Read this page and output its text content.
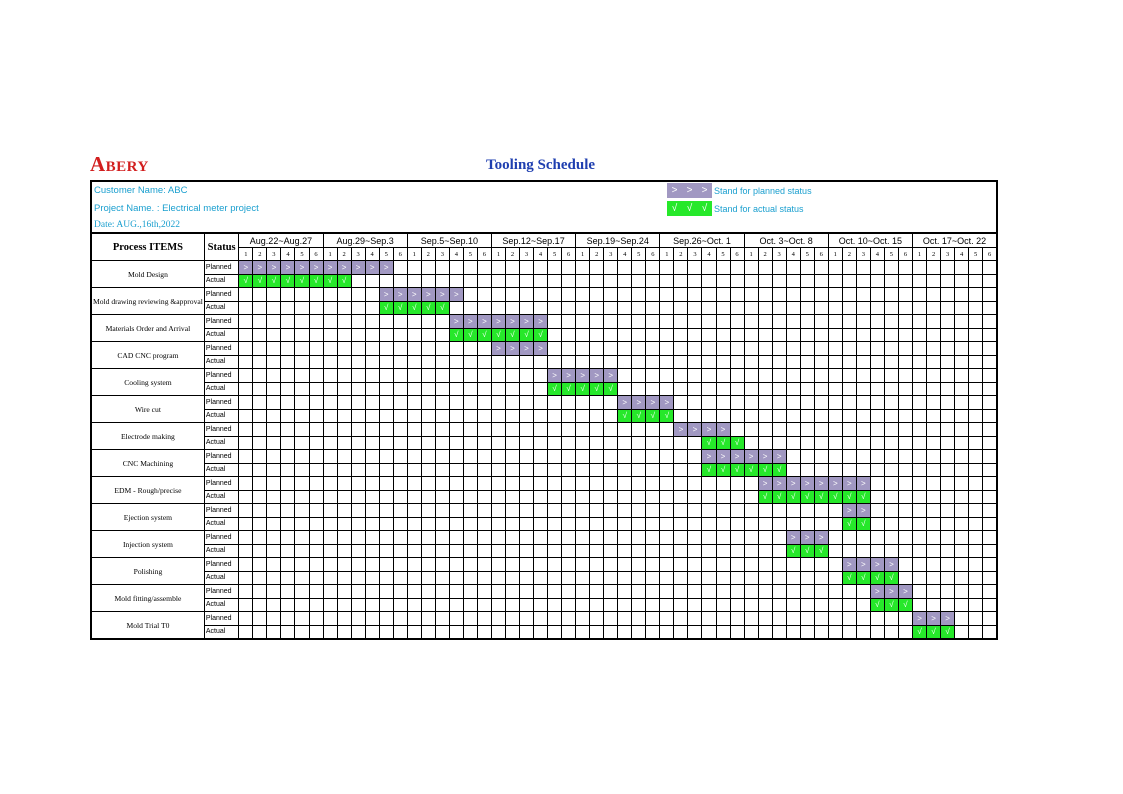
ABERY	Tooling Schedule
Customer Name: ABC
Project Name. : Electrical meter project
Date: AUG.,16th,2022
> > > Stand for planned status
√ √ √ Stand for actual status
Process ITEMS	Status	Aug.22~Aug.27						Aug.29~Sep.3						Sep.5~Sep.10						Sep.12~Sep.17						Sep.19~Sep.24						Sep.26~Oct. 1						Oct. 3~Oct. 8						Oct. 10~Oct. 15						Oct. 17~Oct. 22					
		1	2	3	4	5	6	1	2	3	4	5	6	1	2	3	4	5	6	1	2	3	4	5	6	1	2	3	4	5	6	1	2	3	4	5	6	1	2	3	4	5	6	1	2	3	4	5	6	1	2	3	4	5	6
Mold Design	Planned	>	>	>	>	>	>	>	>	>	>	>																																											
	Actual	√	√	√	√	√	√	√	√																																														
Mold drawing reviewing &approval	Planned											>	>	>	>	>	>																																						
	Actual											√	√	√	√	√																																							
Materials Order and Arrival	Planned																>	>	>	>	>	>	>																																
	Actual																√	√	√	√	√	√	√																																
CAD CNC program	Planned																			>	>	>	>																																
	Actual																																																						
Cooling system	Planned																							>	>	>	>	>																											
	Actual																							√	√	√	√	√																											
Wire cut	Planned																												>	>	>	>																							
	Actual																												√	√	√	√																							
Electrode making	Planned																																>	>	>	>																			
	Actual																																		√	√	√																		
CNC Machining	Planned																																		>	>	>	>	>	>															
	Actual																																		√	√	√	√	√	√															
EDM - Rough/precise	Planned																																						>	>	>	>	>	>	>	>									
	Actual																																						√	√	√	√	√	√	√	√									
Ejection system	Planned																																												>	>									
	Actual																																												√	√									
Injection system	Planned																																								>	>	>												
	Actual																																								√	√	√												
Polishing	Planned																																												>	>	>	>							
	Actual																																												√	√	√	√							
Mold fitting/assemble	Planned																																														>	>	>						
	Actual																																														√	√	√						
Mold Trial T0	Planned																																																	>	>	>			
	Actual																																																	√	√	√			
